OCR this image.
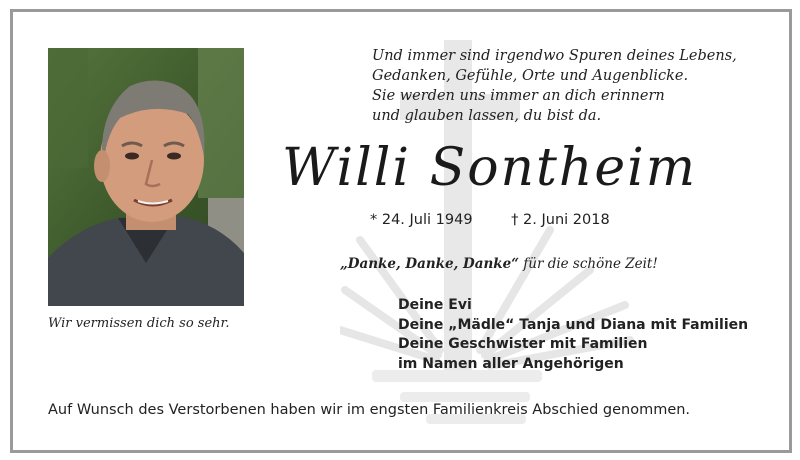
Wir vermissen dich so sehr.
Und immer sind irgendwo Spuren deines Lebens,
Gedanken, Gefühle, Orte und Augenblicke.
Sie werden uns immer an dich erinnern
und glauben lassen, du bist da.
Willi Sontheim
* 24. Juli 1949	† 2. Juni 2018
„Danke, Danke, Danke“ für die schöne Zeit!
Deine Evi
Deine „Mädle“ Tanja und Diana mit Familien
Deine Geschwister mit Familien
im Namen aller Angehörigen
Auf Wunsch des Verstorbenen haben wir im engsten Familienkreis Abschied genommen.
